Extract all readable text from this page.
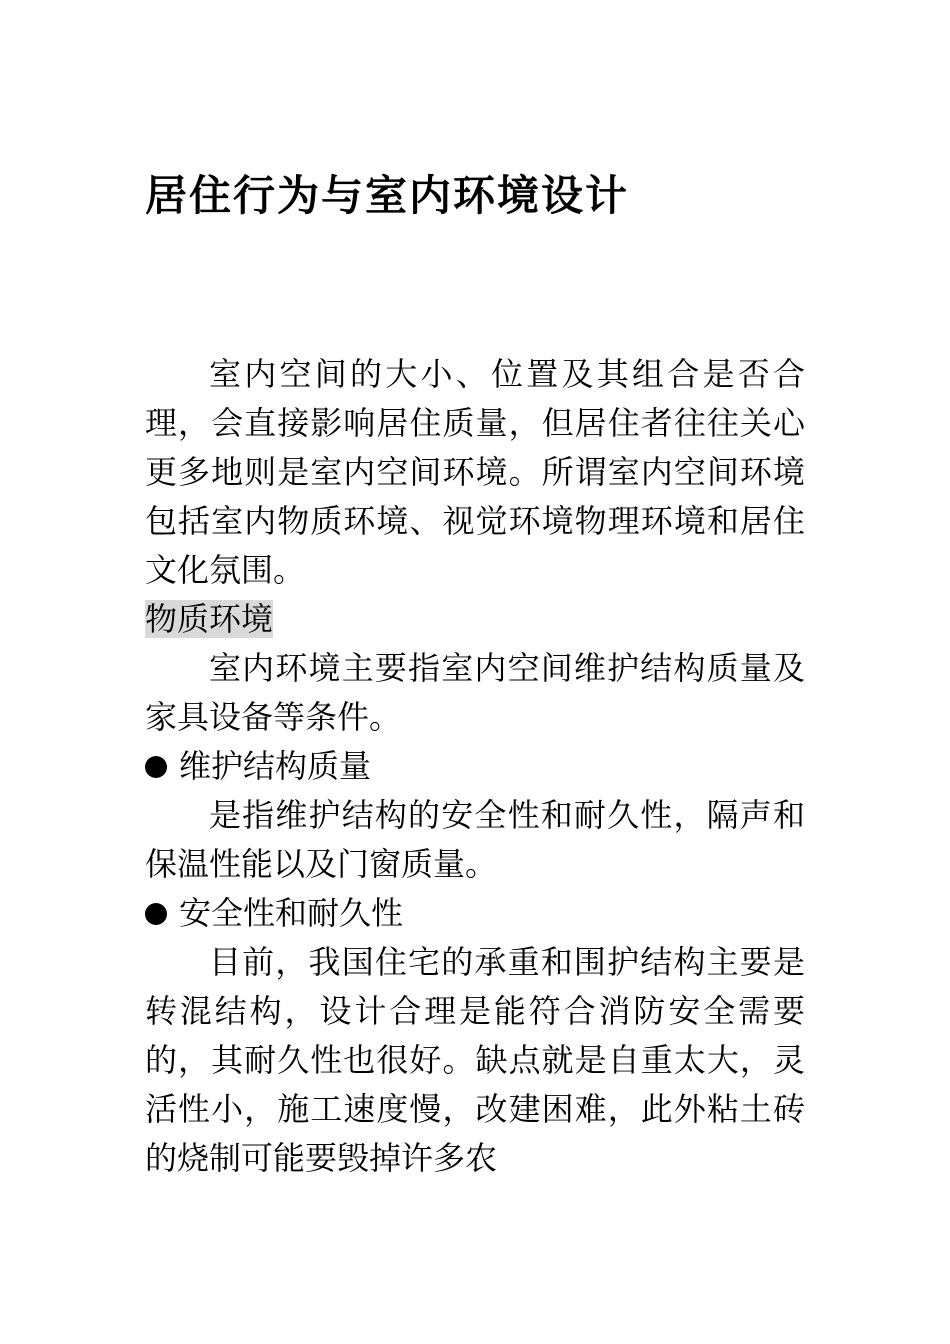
居住行为与室内环境设计

室内空间的大小、位置及其组合是否合理，会直接影响居住质量，但居住者往往关心更多地则是室内空间环境。所谓室内空间环境包括室内物质环境、视觉环境物理环境和居住文化氛围。

物质环境

室内环境主要指室内空间维护结构质量及家具设备等条件。

维护结构质量

是指维护结构的安全性和耐久性，隔声和保温性能以及门窗质量。

安全性和耐久性

目前，我国住宅的承重和围护结构主要是转混结构，设计合理是能符合消防安全需要的，其耐久性也很好。缺点就是自重太大，灵活性小，施工速度慢，改建困难，此外粘土砖的烧制可能要毁掉许多农
